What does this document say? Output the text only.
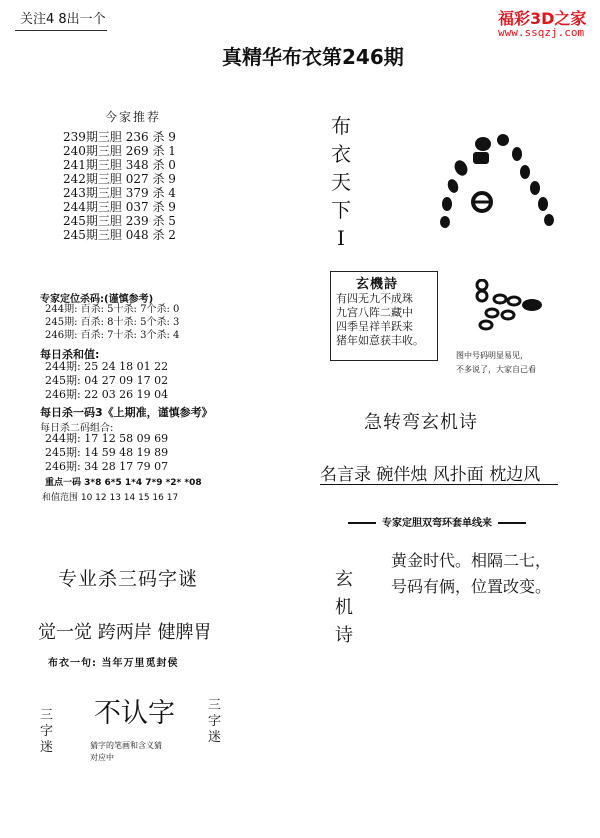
关注4 8出一个	福彩3D之家
www.ssqzj.com
真精华布衣第246期
今家推荐
239期三胆 236 杀 9
240期三胆 269 杀 1
241期三胆 348 杀 0
242期三胆 027 杀 9
243期三胆 379 杀 4
244期三胆 037 杀 9
245期三胆 239 杀 5
245期三胆 048 杀 2
专家定位杀码:(谨慎参考)
244期: 百杀: 5十杀: 7个杀: 0
245期: 百杀: 8十杀: 5个杀: 3
246期: 百杀: 7十杀: 3个杀: 4
每日杀和值:
244期: 25 24 18 01 22
245期: 04 27 09 17 02
246期: 22 03 26 19 04
每日杀一码3《上期准，谨慎参考》
每日杀二码组合:
244期: 17 12 58 09 69
245期: 14 59 48 19 89
246期: 34 28 17 79 07
重点一码 3*8 6*5 1*4 7*9 *2* *08
和值范围 10 12 13 14 15 16 17
专业杀三码字谜
觉一觉 跨两岸 健脾胃
布衣一句: 当年万里觅封侯
三字迷
三字迷
不认字
猜字的笔画和含义猜
对应中
布
衣
天
下
I
玄機詩
有四无九不成珠
九宫八阵二藏中
四季呈祥羊跃来
猪年如意获丰收。
图中号码明显易见，
不多说了，大家自己看
急转弯玄机诗
名言录 碗伴烛 风扑面 枕边风
专家定胆双弯环套单线来
玄
机
诗
黄金时代。相隔二七，
号码有俩，位置改变。
